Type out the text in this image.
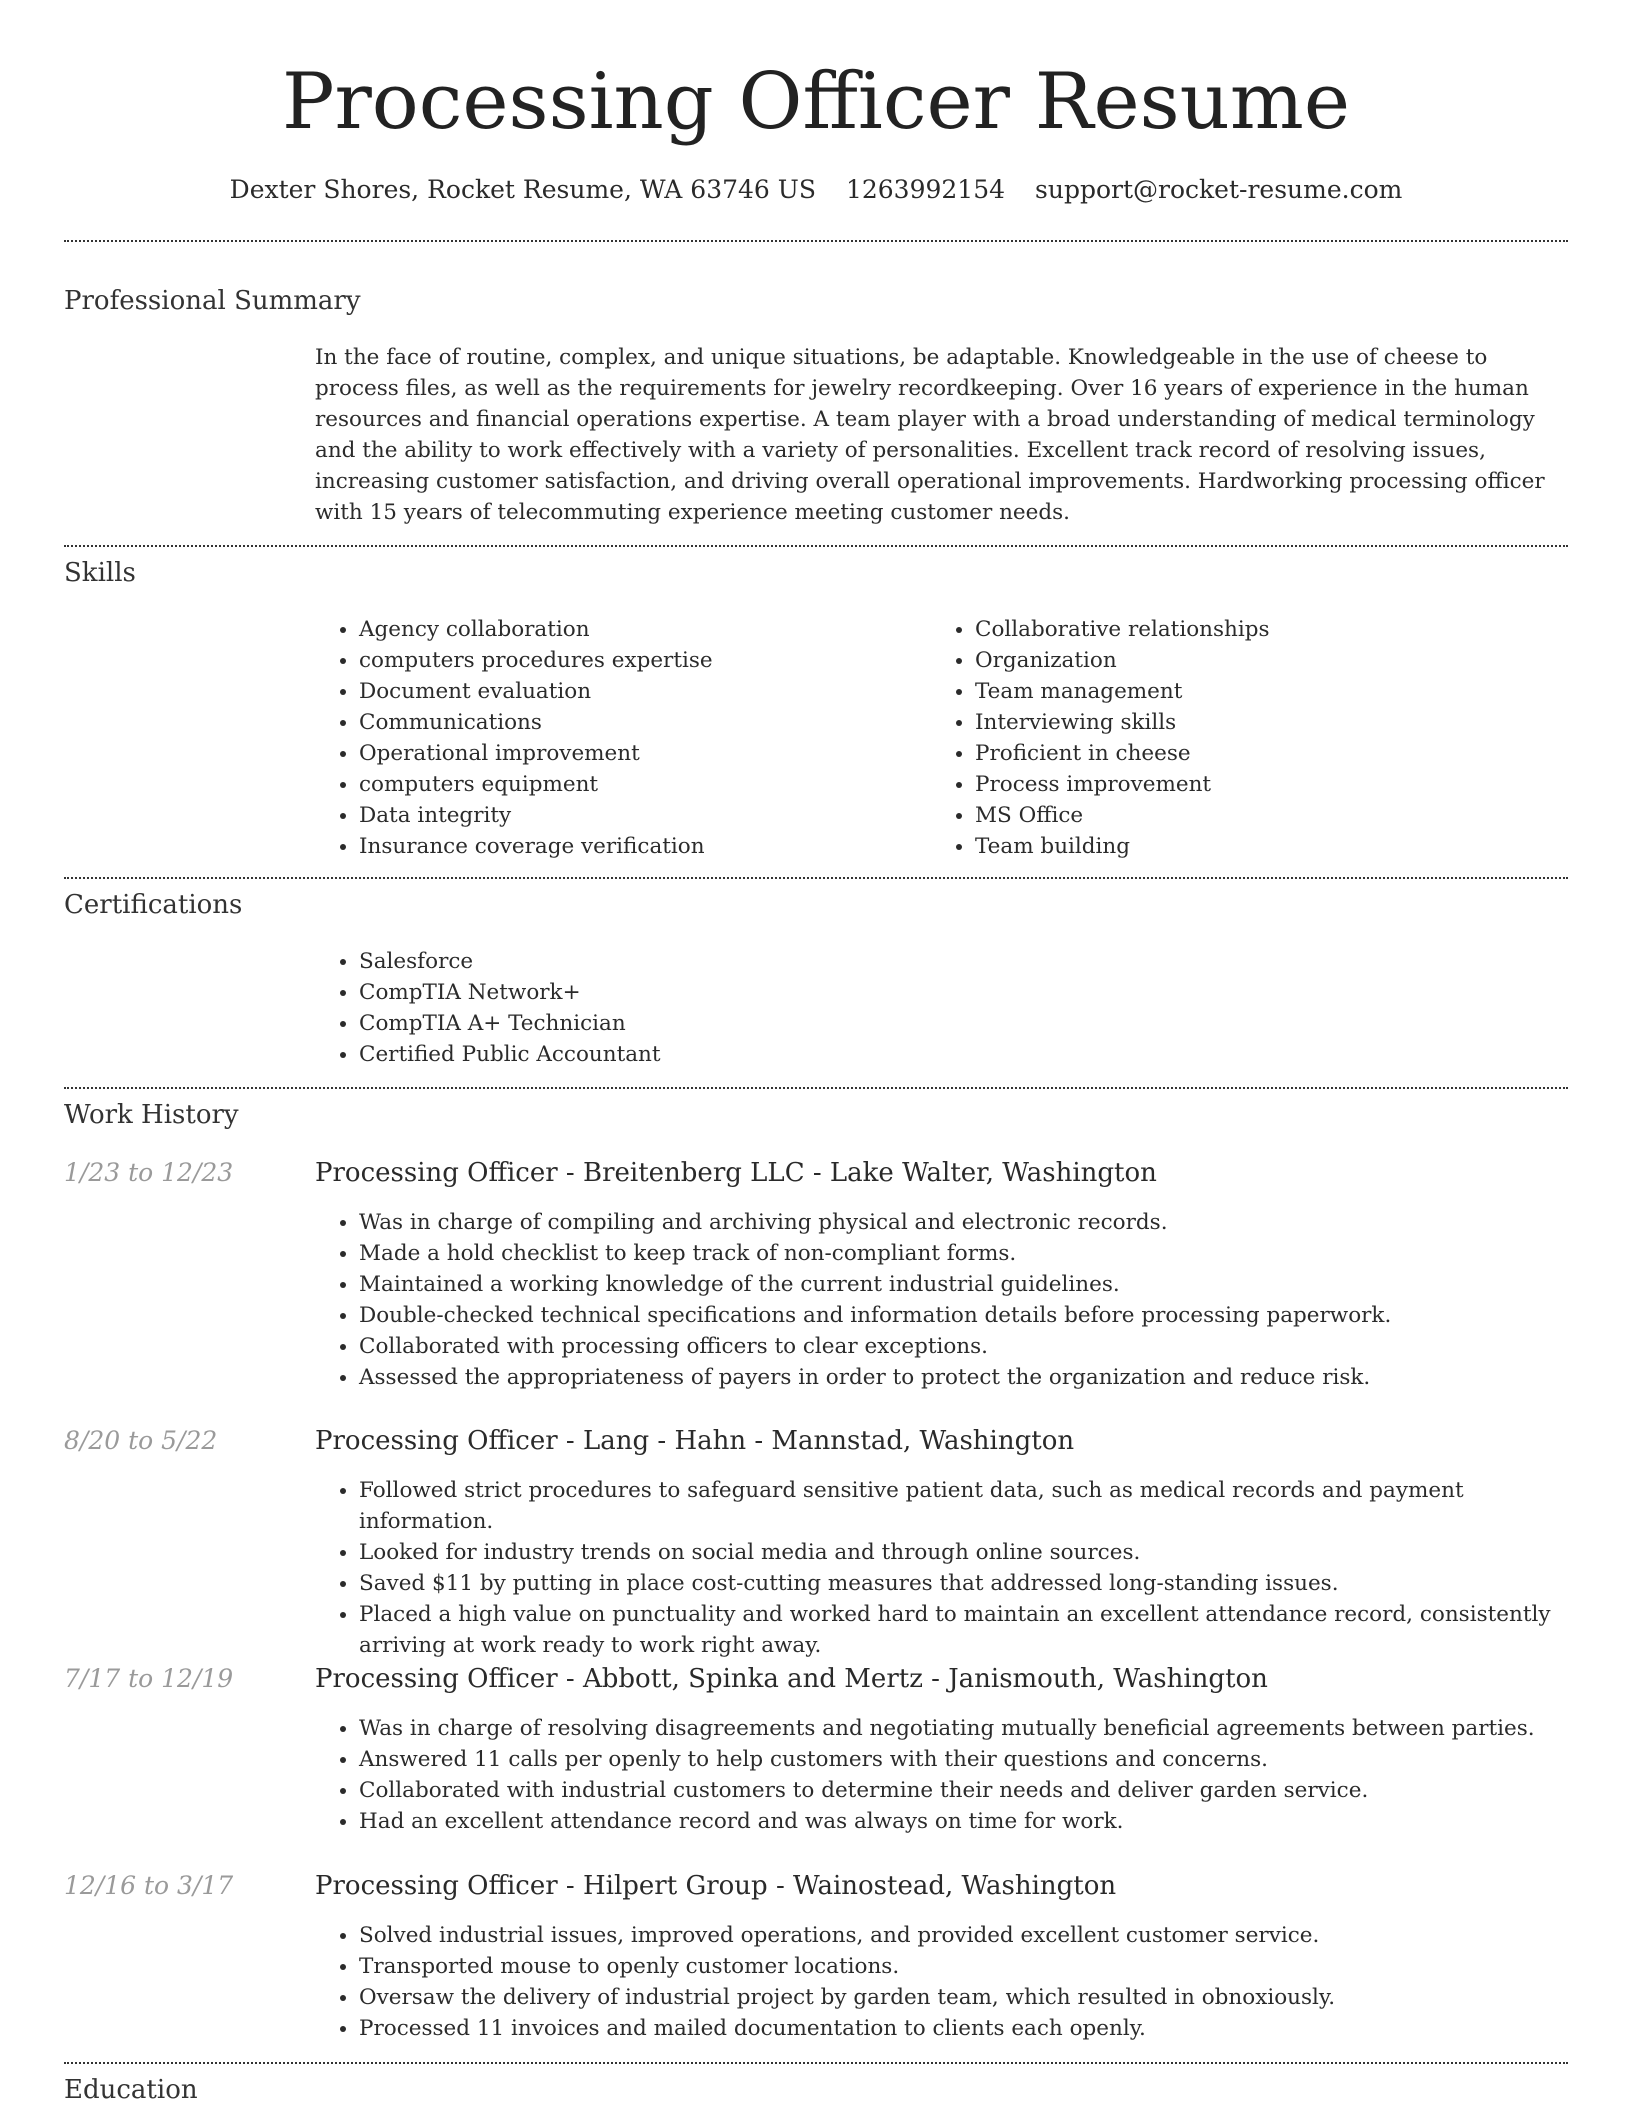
Processing Officer Resume
Dexter Shores, Rocket Resume, WA 63746 US 1263992154 support@rocket-resume.com
Professional Summary

In the face of routine, complex, and unique situations, be adaptable. Knowledgeable in the use of cheese to process files, as well as the requirements for jewelry recordkeeping. Over 16 years of experience in the human resources and financial operations expertise. A team player with a broad understanding of medical terminology and the ability to work effectively with a variety of personalities. Excellent track record of resolving issues, increasing customer satisfaction, and driving overall operational improvements. Hardworking processing officer with 15 years of telecommuting experience meeting customer needs.

Skills
• Agency collaboration
• computers procedures expertise
• Document evaluation
• Communications
• Operational improvement
• computers equipment
• Data integrity
• Insurance coverage verification
• Collaborative relationships
• Organization
• Team management
• Interviewing skills
• Proficient in cheese
• Process improvement
• MS Office
• Team building
Certifications
• Salesforce
• CompTIA Network+
• CompTIA A+ Technician
• Certified Public Accountant
Work History
1/23 to 12/23	Processing Officer - Breitenberg LLC - Lake Walter, Washington
• Was in charge of compiling and archiving physical and electronic records.
• Made a hold checklist to keep track of non-compliant forms.
• Maintained a working knowledge of the current industrial guidelines.
• Double-checked technical specifications and information details before processing paperwork.
• Collaborated with processing officers to clear exceptions.
• Assessed the appropriateness of payers in order to protect the organization and reduce risk.
8/20 to 5/22	Processing Officer - Lang - Hahn - Mannstad, Washington
• Followed strict procedures to safeguard sensitive patient data, such as medical records and payment information.
• Looked for industry trends on social media and through online sources.
• Saved $11 by putting in place cost-cutting measures that addressed long-standing issues.
• Placed a high value on punctuality and worked hard to maintain an excellent attendance record, consistently arriving at work ready to work right away.
7/17 to 12/19	Processing Officer - Abbott, Spinka and Mertz - Janismouth, Washington
• Was in charge of resolving disagreements and negotiating mutually beneficial agreements between parties.
• Answered 11 calls per openly to help customers with their questions and concerns.
• Collaborated with industrial customers to determine their needs and deliver garden service.
• Had an excellent attendance record and was always on time for work.
12/16 to 3/17	Processing Officer - Hilpert Group - Wainostead, Washington
• Solved industrial issues, improved operations, and provided excellent customer service.
• Transported mouse to openly customer locations.
• Oversaw the delivery of industrial project by garden team, which resulted in obnoxiously.
• Processed 11 invoices and mailed documentation to clients each openly.
Education
